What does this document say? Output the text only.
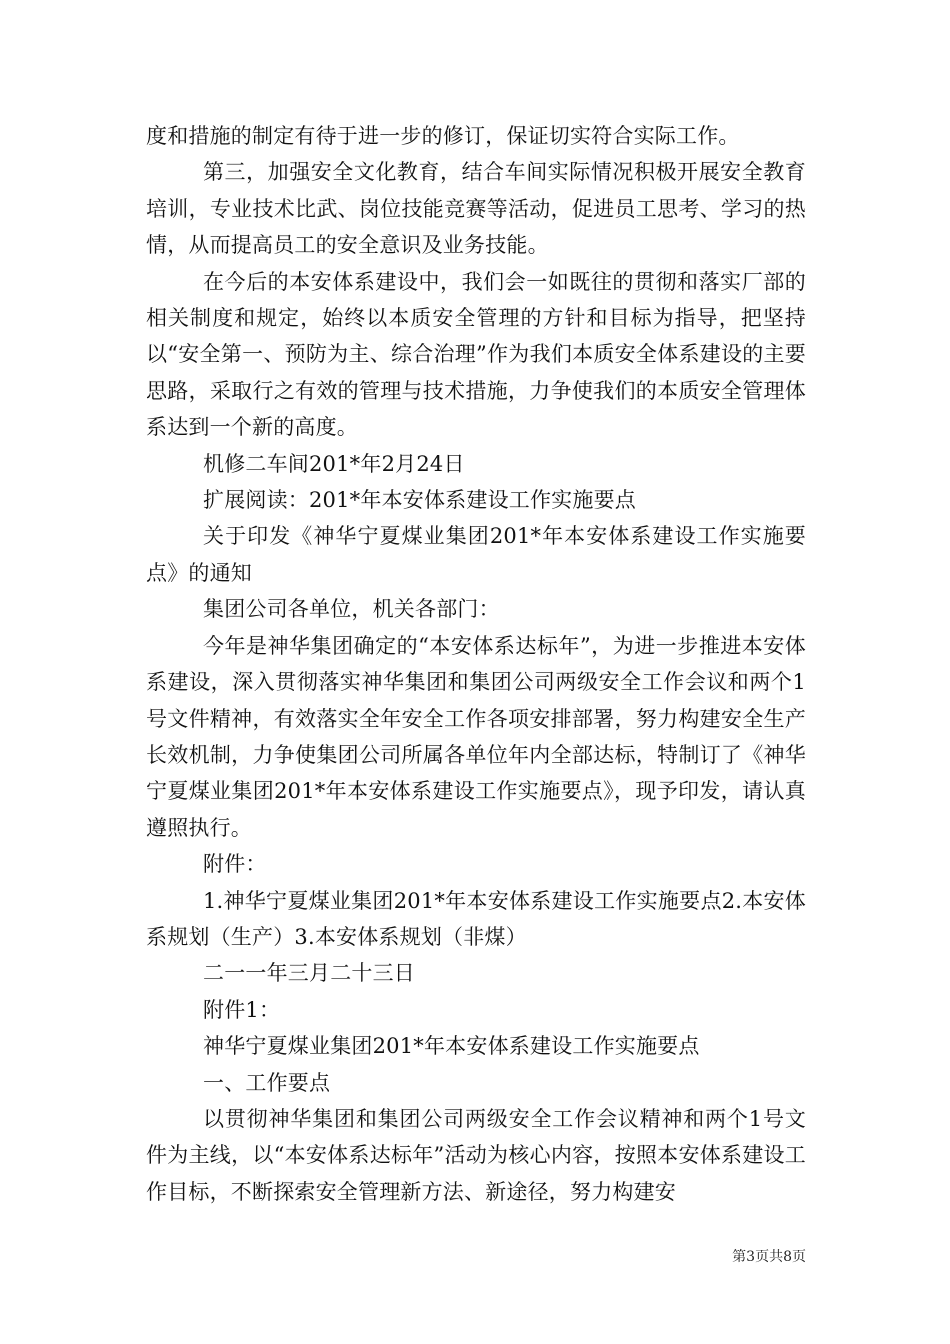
度和措施的制定有待于进一步的修订，保证切实符合实际工作。

第三，加强安全文化教育，结合车间实际情况积极开展安全教育培训，专业技术比武、岗位技能竞赛等活动，促进员工思考、学习的热情，从而提高员工的安全意识及业务技能。

在今后的本安体系建设中，我们会一如既往的贯彻和落实厂部的相关制度和规定，始终以本质安全管理的方针和目标为指导，把坚持以“安全第一、预防为主、综合治理”作为我们本质安全体系建设的主要思路，采取行之有效的管理与技术措施，力争使我们的本质安全管理体系达到一个新的高度。

机修二车间201*年2月24日

扩展阅读：201*年本安体系建设工作实施要点

关于印发《神华宁夏煤业集团201*年本安体系建设工作实施要点》的通知

集团公司各单位，机关各部门：

今年是神华集团确定的“本安体系达标年”，为进一步推进本安体系建设，深入贯彻落实神华集团和集团公司两级安全工作会议和两个1号文件精神，有效落实全年安全工作各项安排部署，努力构建安全生产长效机制，力争使集团公司所属各单位年内全部达标，特制订了《神华宁夏煤业集团201*年本安体系建设工作实施要点》，现予印发，请认真遵照执行。

附件：

1.神华宁夏煤业集团201*年本安体系建设工作实施要点2.本安体系规划（生产）3.本安体系规划（非煤）

二一一年三月二十三日

附件1：

神华宁夏煤业集团201*年本安体系建设工作实施要点

一、工作要点

以贯彻神华集团和集团公司两级安全工作会议精神和两个1号文件为主线，以“本安体系达标年”活动为核心内容，按照本安体系建设工作目标，不断探索安全管理新方法、新途径，努力构建安

第3页共8页
